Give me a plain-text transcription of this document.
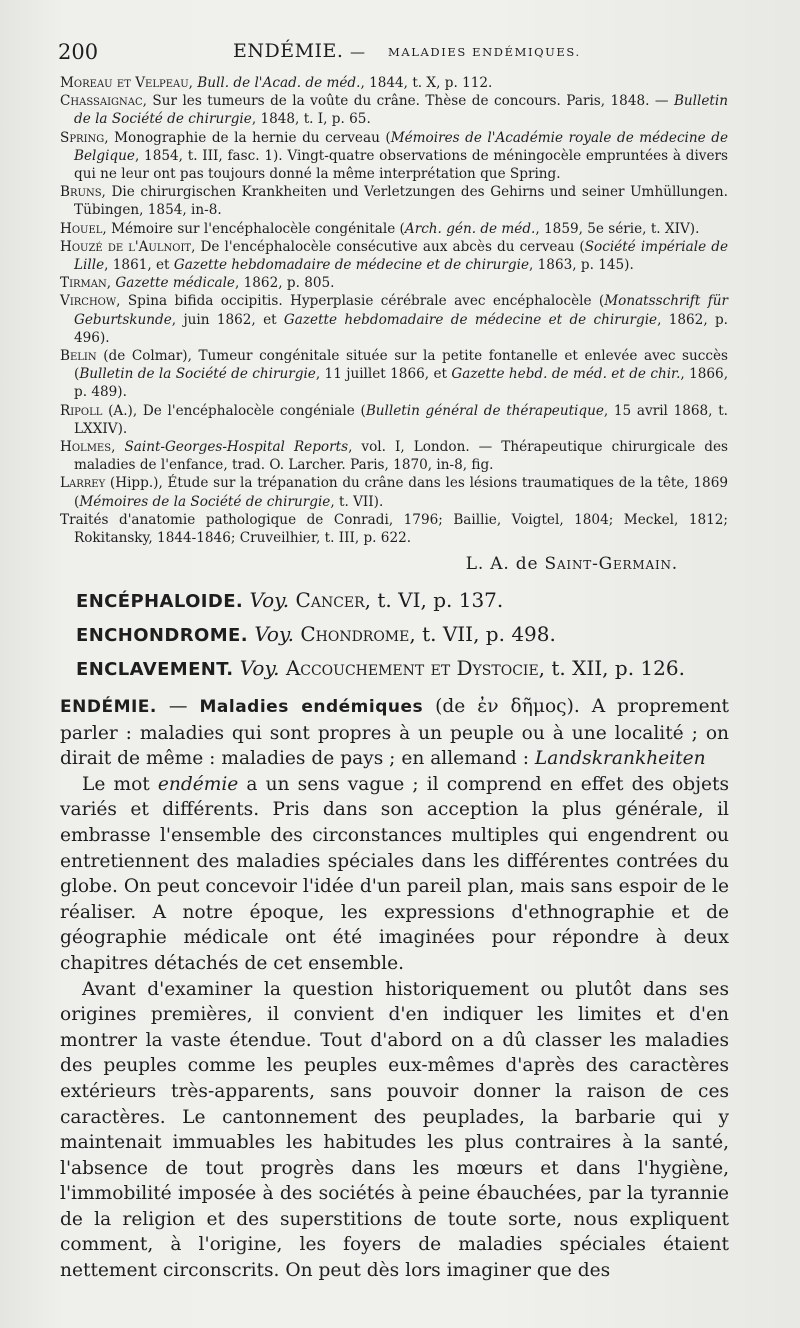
200	ENDÉMIE. — MALADIES ENDÉMIQUES.

Moreau et Velpeau, Bull. de l'Acad. de méd., 1844, t. X, p. 112.

Chassaignac, Sur les tumeurs de la voûte du crâne. Thèse de concours. Paris, 1848. — Bulletin de la Société de chirurgie, 1848, t. I, p. 65.

Spring, Monographie de la hernie du cerveau (Mémoires de l'Académie royale de médecine de Belgique, 1854, t. III, fasc. 1). Vingt-quatre observations de méningocèle empruntées à divers qui ne leur ont pas toujours donné la même interprétation que Spring.

Bruns, Die chirurgischen Krankheiten und Verletzungen des Gehirns und seiner Umhüllungen. Tübingen, 1854, in-8.

Houel, Mémoire sur l'encéphalocèle congénitale (Arch. gén. de méd., 1859, 5e série, t. XIV).

Houzé de l'Aulnoit, De l'encéphalocèle consécutive aux abcès du cerveau (Société impériale de Lille, 1861, et Gazette hebdomadaire de médecine et de chirurgie, 1863, p. 145).

Tirman, Gazette médicale, 1862, p. 805.

Virchow, Spina bifida occipitis. Hyperplasie cérébrale avec encéphalocèle (Monatsschrift für Geburtskunde, juin 1862, et Gazette hebdomadaire de médecine et de chirurgie, 1862, p. 496).

Belin (de Colmar), Tumeur congénitale située sur la petite fontanelle et enlevée avec succès (Bulletin de la Société de chirurgie, 11 juillet 1866, et Gazette hebd. de méd. et de chir., 1866, p. 489).

Ripoll (A.), De l'encéphalocèle congéniale (Bulletin général de thérapeutique, 15 avril 1868, t. LXXIV).

Holmes, Saint-Georges-Hospital Reports, vol. I, London. — Thérapeutique chirurgicale des maladies de l'enfance, trad. O. Larcher. Paris, 1870, in-8, fig.

Larrey (Hipp.), Étude sur la trépanation du crâne dans les lésions traumatiques de la tête, 1869 (Mémoires de la Société de chirurgie, t. VII).

Traités d'anatomie pathologique de Conradi, 1796; Baillie, Voigtel, 1804; Meckel, 1812; Rokitansky, 1844-1846; Cruveilhier, t. III, p. 622.

L. A. de Saint-Germain.

ENCÉPHALOIDE. Voy. Cancer, t. VI, p. 137.

ENCHONDROME. Voy. Chondrome, t. VII, p. 498.

ENCLAVEMENT. Voy. Accouchement et Dystocie, t. XII, p. 126.

ENDÉMIE. — Maladies endémiques (de ἐν δῆμος). A proprement parler : maladies qui sont propres à un peuple ou à une localité ; on dirait de même : maladies de pays ; en allemand : Landskrankheiten

Le mot endémie a un sens vague ; il comprend en effet des objets variés et différents. Pris dans son acception la plus générale, il embrasse l'ensemble des circonstances multiples qui engendrent ou entretiennent des maladies spéciales dans les différentes contrées du globe. On peut concevoir l'idée d'un pareil plan, mais sans espoir de le réaliser. A notre époque, les expressions d'ethnographie et de géographie médicale ont été imaginées pour répondre à deux chapitres détachés de cet ensemble.

Avant d'examiner la question historiquement ou plutôt dans ses origines premières, il convient d'en indiquer les limites et d'en montrer la vaste étendue. Tout d'abord on a dû classer les maladies des peuples comme les peuples eux-mêmes d'après des caractères extérieurs très-apparents, sans pouvoir donner la raison de ces caractères. Le cantonnement des peuplades, la barbarie qui y maintenait immuables les habitudes les plus contraires à la santé, l'absence de tout progrès dans les mœurs et dans l'hygiène, l'immobilité imposée à des sociétés à peine ébauchées, par la tyrannie de la religion et des superstitions de toute sorte, nous expliquent comment, à l'origine, les foyers de maladies spéciales étaient nettement circonscrits. On peut dès lors imaginer que des
